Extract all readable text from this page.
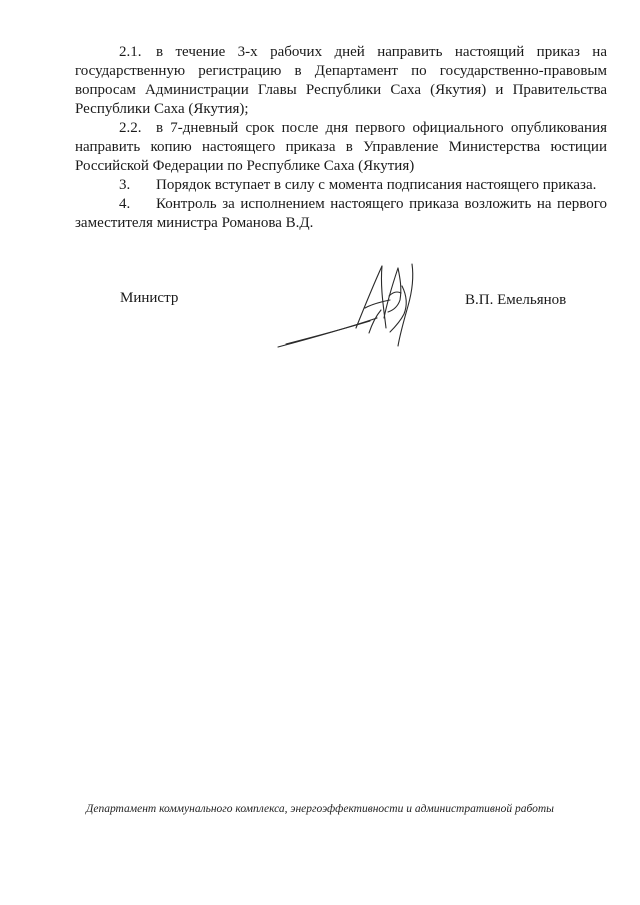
2.1. в течение 3-х рабочих дней направить настоящий приказ на государственную регистрацию в Департамент по государственно-правовым вопросам Администрации Главы Республики Саха (Якутия) и Правительства Республики Саха (Якутия);

2.2. в 7-дневный срок после дня первого официального опубликования направить копию настоящего приказа в Управление Министерства юстиции Российской Федерации по Республике Саха (Якутия)

3. Порядок вступает в силу с момента подписания настоящего приказа.

4. Контроль за исполнением настоящего приказа возложить на первого заместителя министра Романова В.Д.

Министр	В.П. Емельянов
Департамент коммунального комплекса, энергоэффективности и административной работы
